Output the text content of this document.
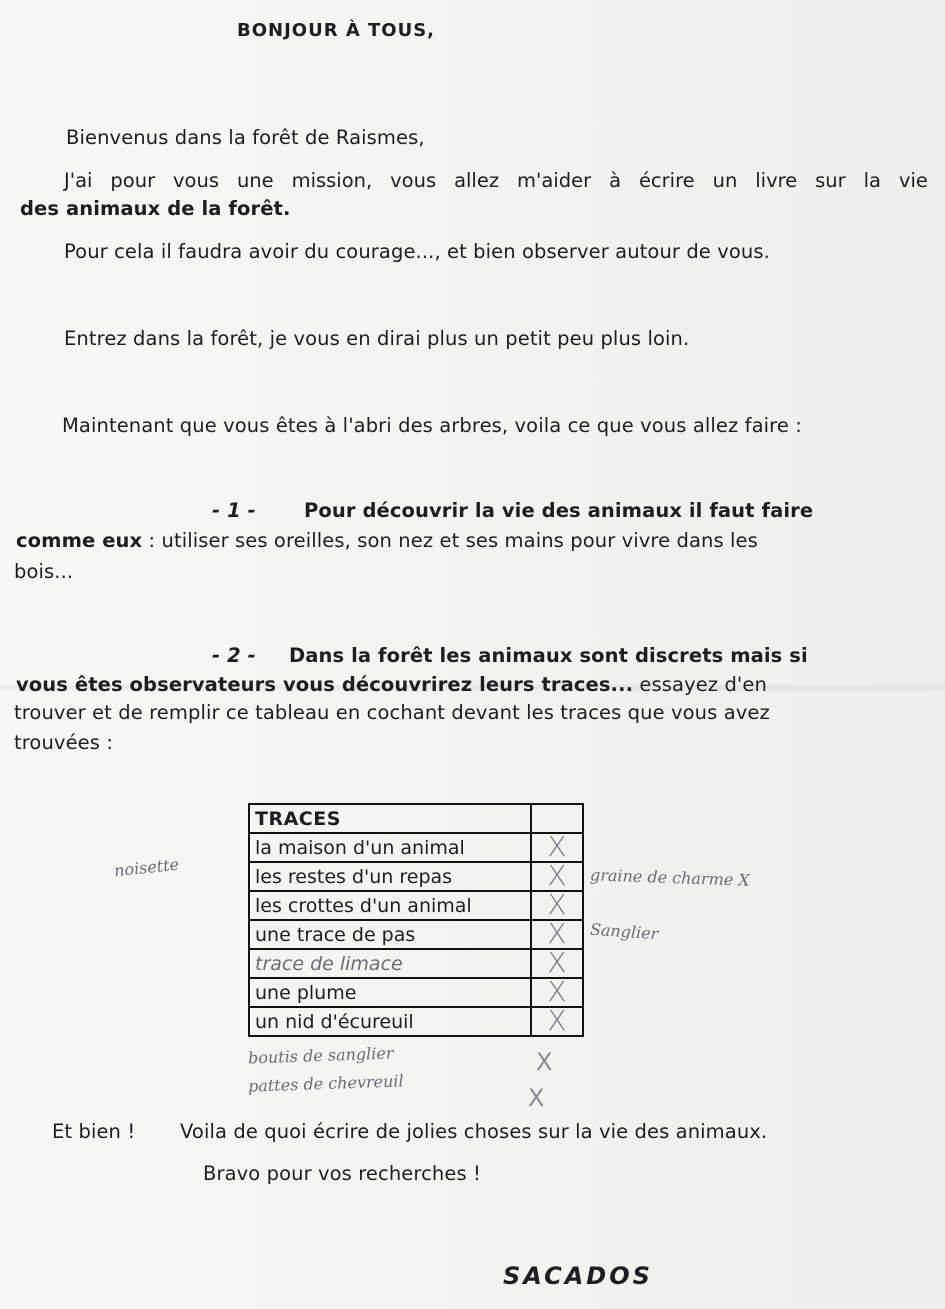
BONJOUR À TOUS,
Bienvenus dans la forêt de Raismes,
J'ai pour vous une mission, vous allez m'aider à écrire un livre sur la vie
des animaux de la forêt.
Pour cela il faudra avoir du courage..., et bien observer autour de vous.
Entrez dans la forêt, je vous en dirai plus un petit peu plus loin.
Maintenant que vous êtes à l'abri des arbres, voila ce que vous allez faire :
- 1 - Pour découvrir la vie des animaux il faut faire
comme eux : utiliser ses oreilles, son nez et ses mains pour vivre dans les
bois...
- 2 - Dans la forêt les animaux sont discrets mais si
vous êtes observateurs vous découvrirez leurs traces... essayez d'en
trouver et de remplir ce tableau en cochant devant les traces que vous avez
trouvées :
TRACES	
la maison d'un animal	X
les restes d'un repas	X
les crottes d'un animal	X
une trace de pas	X
trace de limace	X
une plume	X
un nid d'écureuil	X
noisette	graine de charme X
Sanglier
boutis de sanglier
pattes de chevreuil
X
X
Et bien ! Voila de quoi écrire de jolies choses sur la vie des animaux.
Bravo pour vos recherches !
SACADOS
